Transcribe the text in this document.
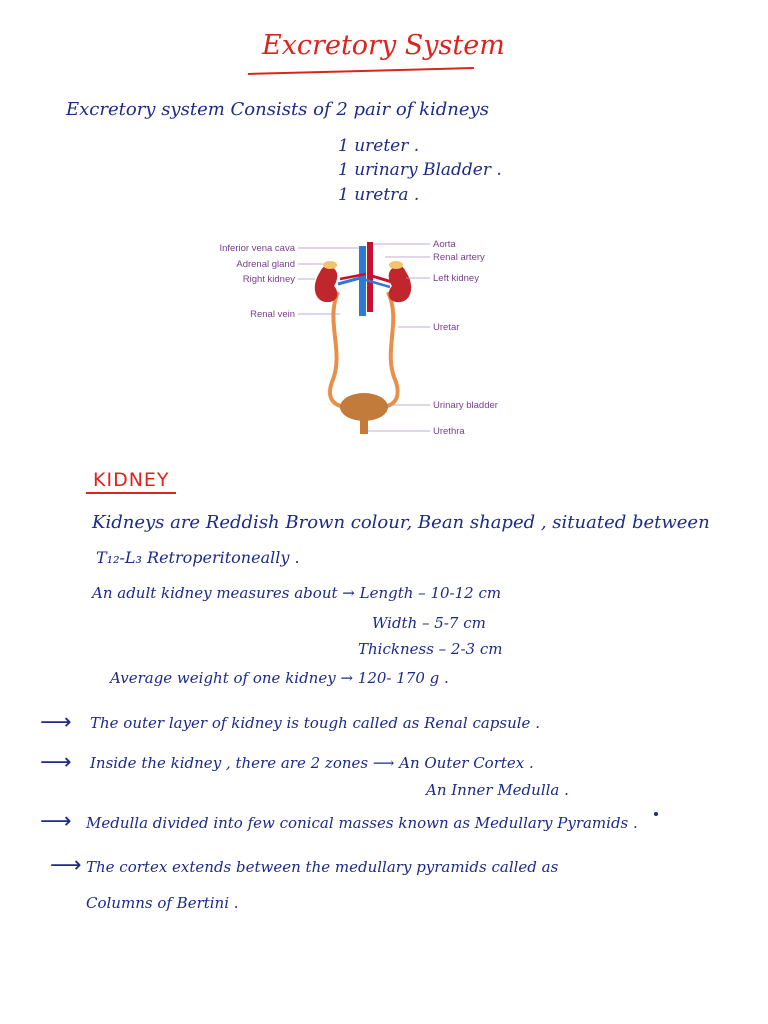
Excretory System
Excretory system Consists of 2 pair of kidneys
1 ureter .
1 urinary Bladder .
1 uretra .
Inferior vena cava
Adrenal gland
Right kidney
Renal vein
Aorta
Renal artery
Left kidney
Uretar
Urinary bladder
Urethra
KIDNEY
Kidneys are Reddish Brown colour, Bean shaped , situated between
T₁₂-L₃ Retroperitoneally .
An adult kidney measures about → Length – 10-12 cm
Width – 5-7 cm
Thickness – 2-3 cm
Average weight of one kidney → 120- 170 g .
⟶ The outer layer of kidney is tough called as Renal capsule .
⟶ Inside the kidney , there are 2 zones ⟶ An Outer Cortex .
An Inner Medulla .
⟶ Medulla divided into few conical masses known as Medullary Pyramids .
⟶ The cortex extends between the medullary pyramids called as
Columns of Bertini .
